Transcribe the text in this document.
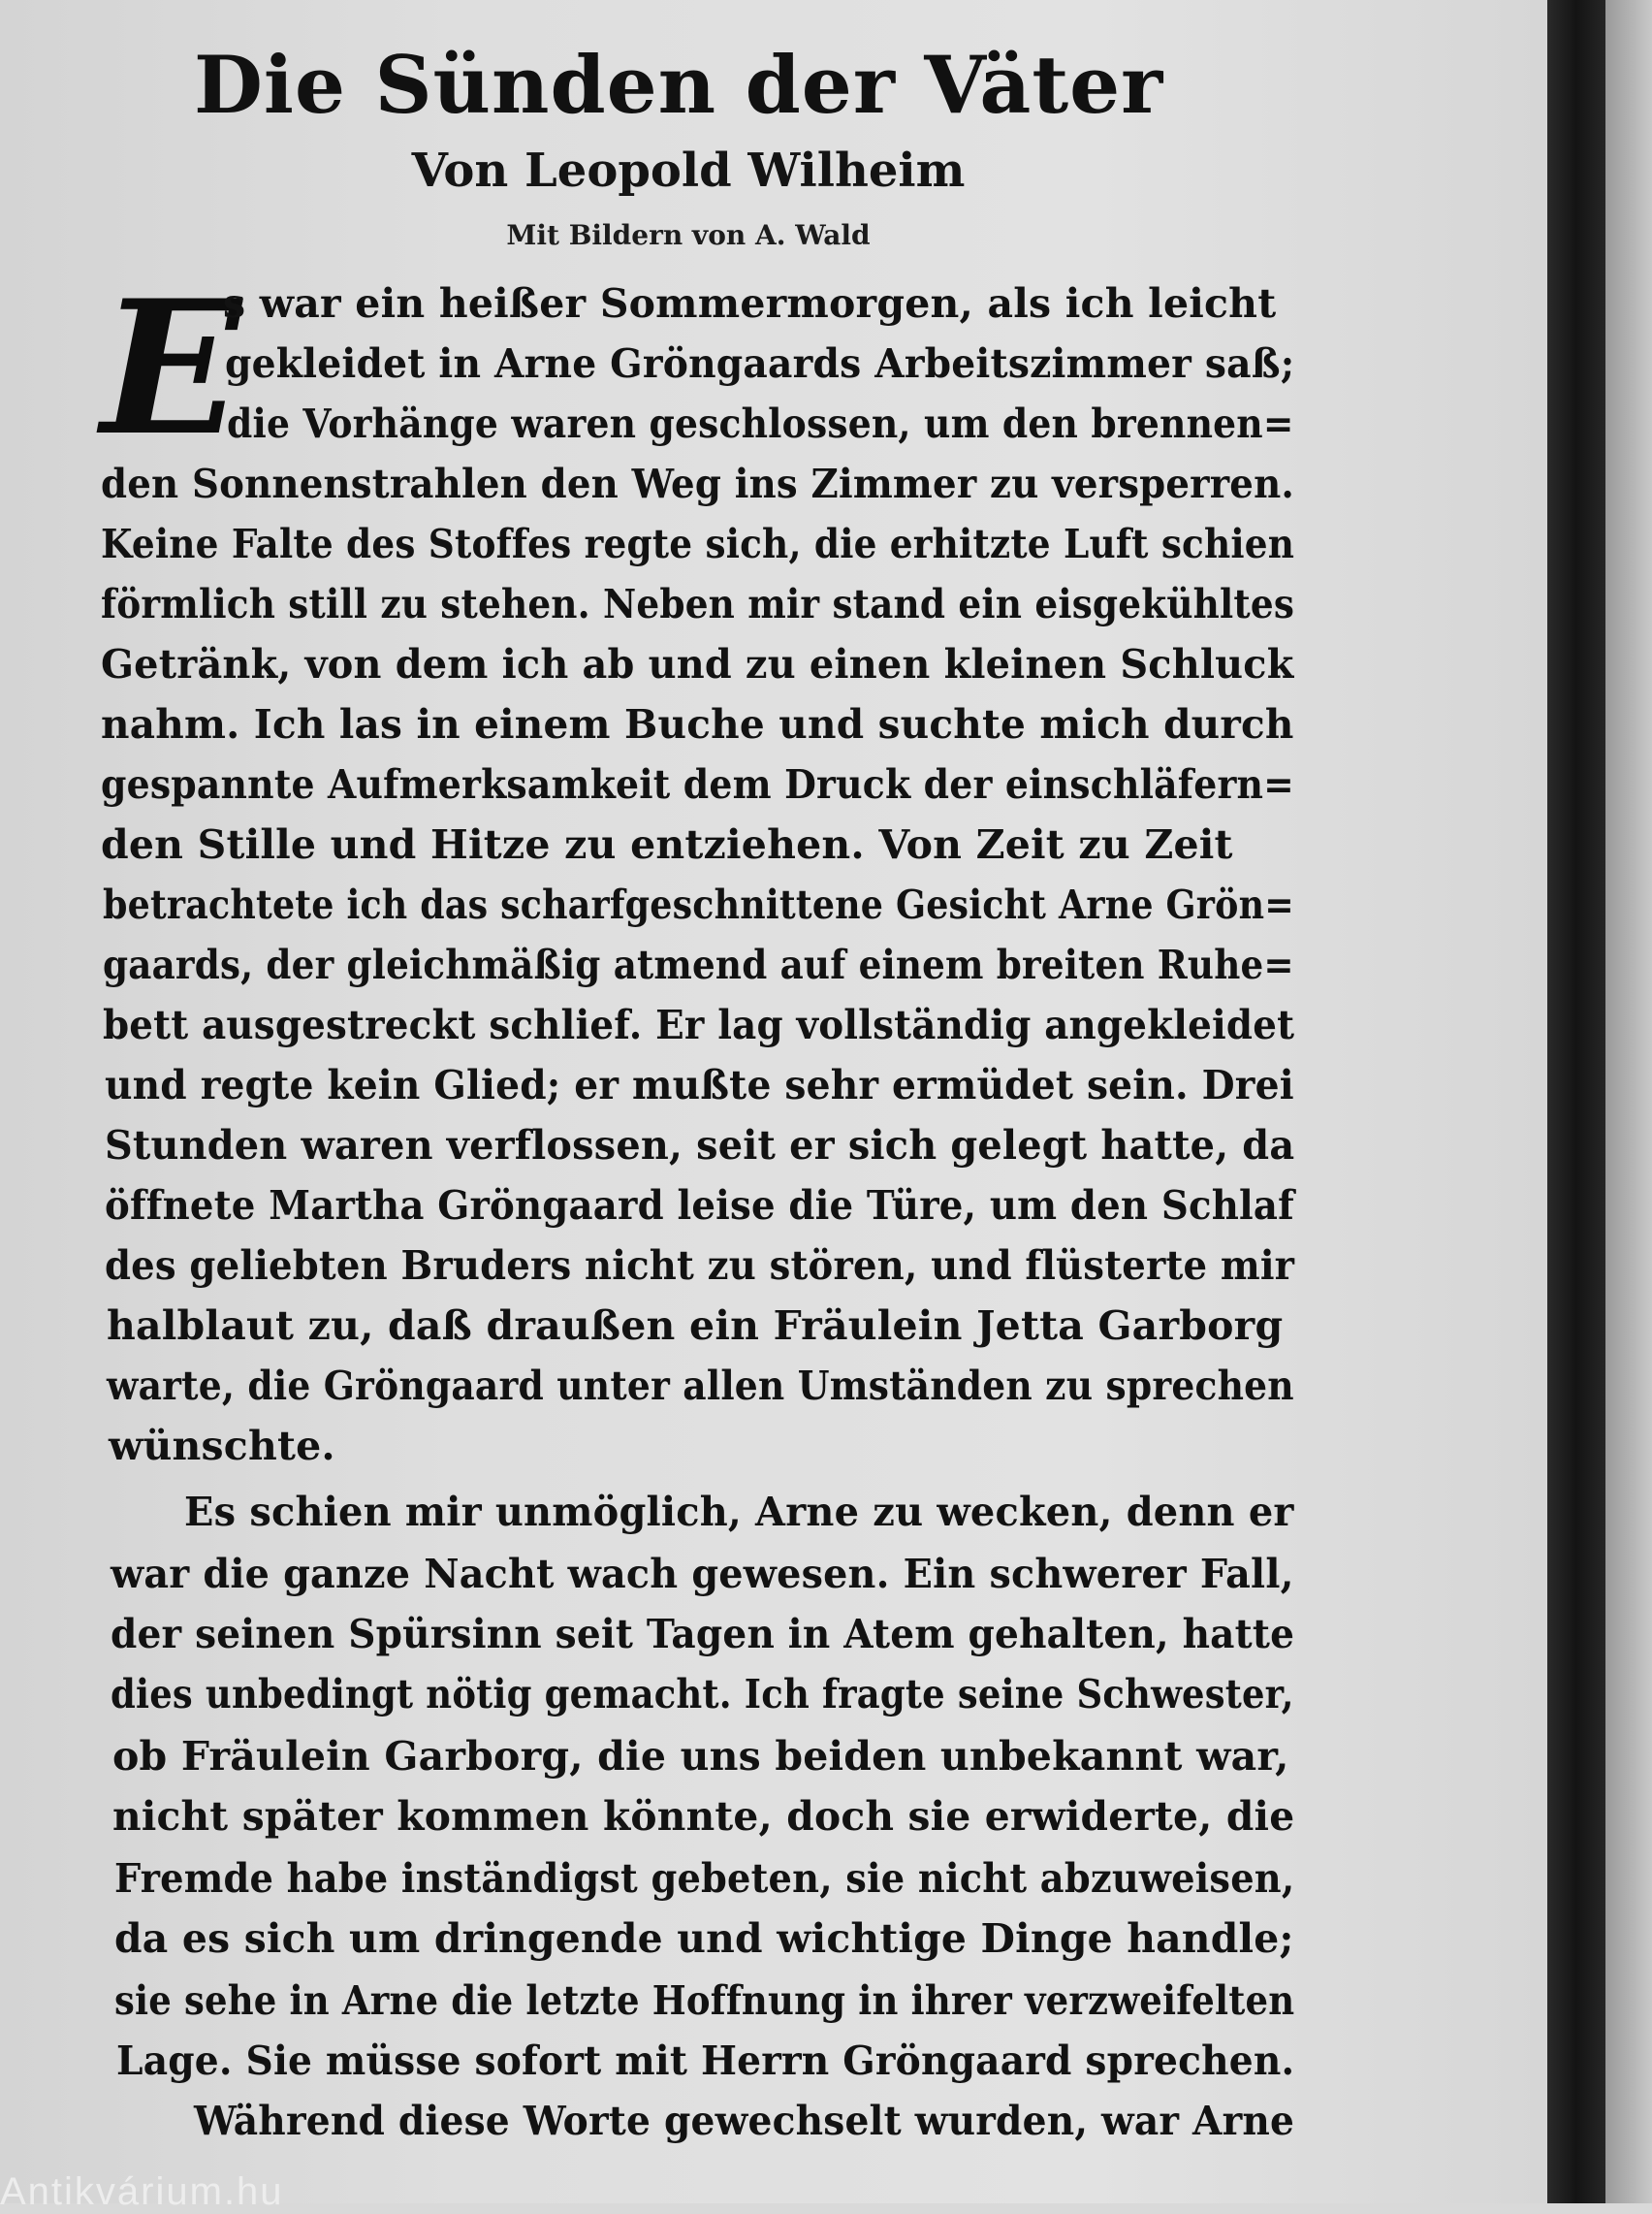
Die Sünden der Väter
Von Leopold Wilheim
Mit Bildern von A. Wald
E
s war ein heißer Sommermorgen, als ich leicht
gekleidet in Arne Gröngaards Arbeitszimmer saß;
die Vorhänge waren geschlossen, um den brennen=
den Sonnenstrahlen den Weg ins Zimmer zu versperren.
Keine Falte des Stoffes regte sich, die erhitzte Luft schien
förmlich still zu stehen. Neben mir stand ein eisgekühltes
Getränk, von dem ich ab und zu einen kleinen Schluck
nahm. Ich las in einem Buche und suchte mich durch
gespannte Aufmerksamkeit dem Druck der einschläfern=
den Stille und Hitze zu entziehen. Von Zeit zu Zeit
betrachtete ich das scharfgeschnittene Gesicht Arne Grön=
gaards, der gleichmäßig atmend auf einem breiten Ruhe=
bett ausgestreckt schlief. Er lag vollständig angekleidet
und regte kein Glied; er mußte sehr ermüdet sein. Drei
Stunden waren verflossen, seit er sich gelegt hatte, da
öffnete Martha Gröngaard leise die Türe, um den Schlaf
des geliebten Bruders nicht zu stören, und flüsterte mir
halblaut zu, daß draußen ein Fräulein Jetta Garborg
warte, die Gröngaard unter allen Umständen zu sprechen
wünschte.
Es schien mir unmöglich, Arne zu wecken, denn er
war die ganze Nacht wach gewesen. Ein schwerer Fall,
der seinen Spürsinn seit Tagen in Atem gehalten, hatte
dies unbedingt nötig gemacht. Ich fragte seine Schwester,
ob Fräulein Garborg, die uns beiden unbekannt war,
nicht später kommen könnte, doch sie erwiderte, die
Fremde habe inständigst gebeten, sie nicht abzuweisen,
da es sich um dringende und wichtige Dinge handle;
sie sehe in Arne die letzte Hoffnung in ihrer verzweifelten
Lage. Sie müsse sofort mit Herrn Gröngaard sprechen.
Während diese Worte gewechselt wurden, war Arne
Antikvárium.hu
